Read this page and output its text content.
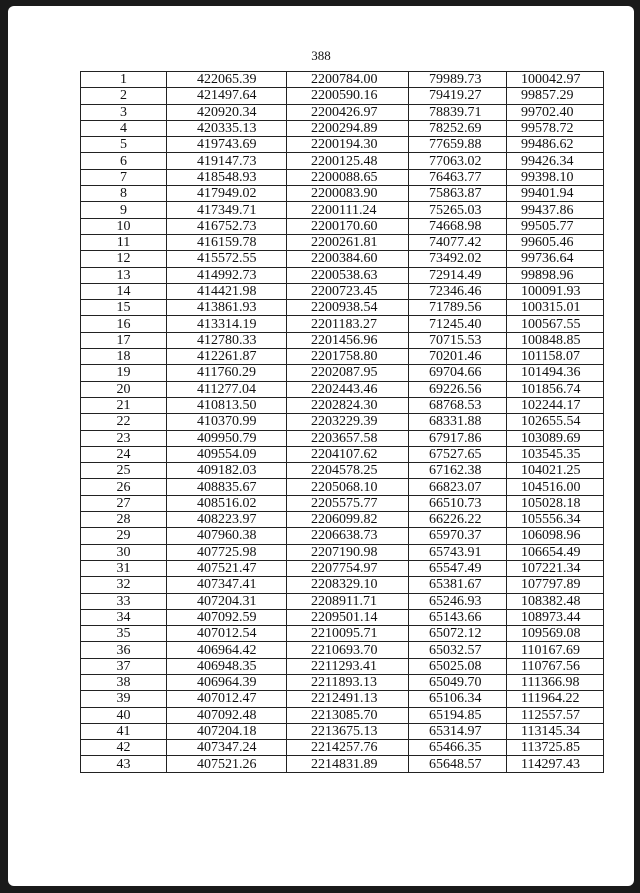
388
1	422065.39	2200784.00	79989.73	100042.97
2	421497.64	2200590.16	79419.27	99857.29
3	420920.34	2200426.97	78839.71	99702.40
4	420335.13	2200294.89	78252.69	99578.72
5	419743.69	2200194.30	77659.88	99486.62
6	419147.73	2200125.48	77063.02	99426.34
7	418548.93	2200088.65	76463.77	99398.10
8	417949.02	2200083.90	75863.87	99401.94
9	417349.71	2200111.24	75265.03	99437.86
10	416752.73	2200170.60	74668.98	99505.77
11	416159.78	2200261.81	74077.42	99605.46
12	415572.55	2200384.60	73492.02	99736.64
13	414992.73	2200538.63	72914.49	99898.96
14	414421.98	2200723.45	72346.46	100091.93
15	413861.93	2200938.54	71789.56	100315.01
16	413314.19	2201183.27	71245.40	100567.55
17	412780.33	2201456.96	70715.53	100848.85
18	412261.87	2201758.80	70201.46	101158.07
19	411760.29	2202087.95	69704.66	101494.36
20	411277.04	2202443.46	69226.56	101856.74
21	410813.50	2202824.30	68768.53	102244.17
22	410370.99	2203229.39	68331.88	102655.54
23	409950.79	2203657.58	67917.86	103089.69
24	409554.09	2204107.62	67527.65	103545.35
25	409182.03	2204578.25	67162.38	104021.25
26	408835.67	2205068.10	66823.07	104516.00
27	408516.02	2205575.77	66510.73	105028.18
28	408223.97	2206099.82	66226.22	105556.34
29	407960.38	2206638.73	65970.37	106098.96
30	407725.98	2207190.98	65743.91	106654.49
31	407521.47	2207754.97	65547.49	107221.34
32	407347.41	2208329.10	65381.67	107797.89
33	407204.31	2208911.71	65246.93	108382.48
34	407092.59	2209501.14	65143.66	108973.44
35	407012.54	2210095.71	65072.12	109569.08
36	406964.42	2210693.70	65032.57	110167.69
37	406948.35	2211293.41	65025.08	110767.56
38	406964.39	2211893.13	65049.70	111366.98
39	407012.47	2212491.13	65106.34	111964.22
40	407092.48	2213085.70	65194.85	112557.57
41	407204.18	2213675.13	65314.97	113145.34
42	407347.24	2214257.76	65466.35	113725.85
43	407521.26	2214831.89	65648.57	114297.43
